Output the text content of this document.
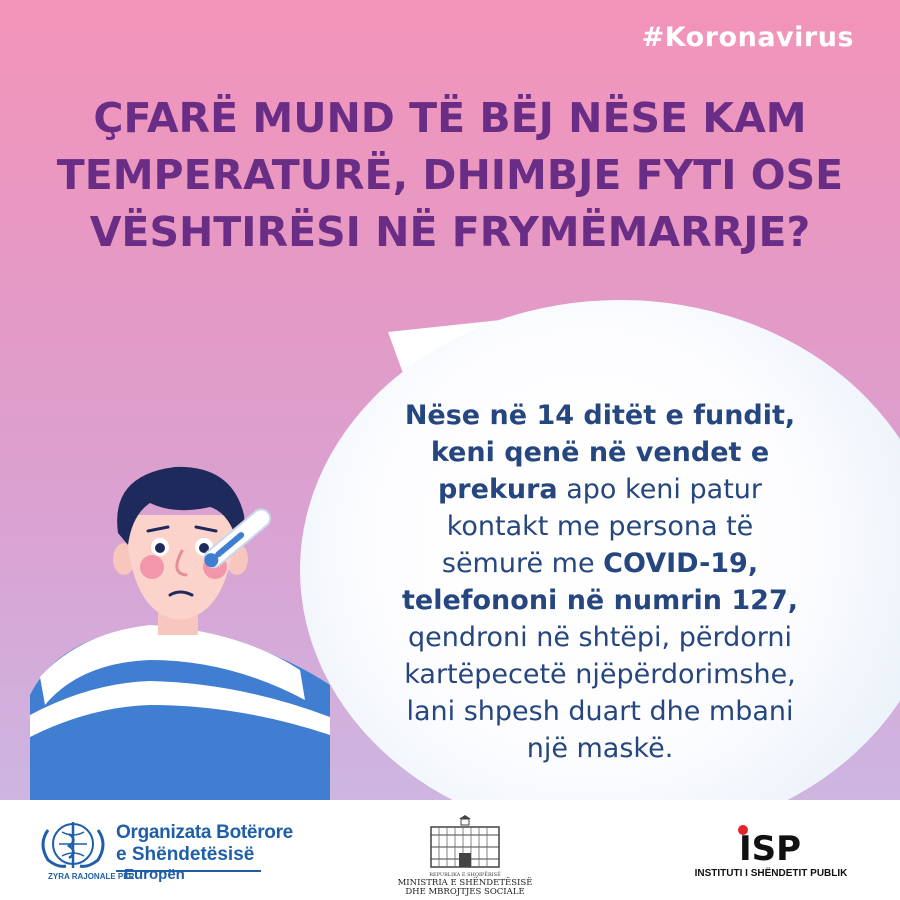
#Koronavirus
ÇFARË MUND TË BËJ NËSE KAM
TEMPERATURË, DHIMBJE FYTI OSE
VËSHTIRËSI NË FRYMËMARRJE?
Nëse në 14 ditët e fundit,
keni qenë në vendet e
prekura apo keni patur
kontakt me persona të
sëmurë me COVID-19,
telefononi në numrin 127,
qendroni në shtëpi, përdorni
kartëpecetë njëpërdorimshe,
lani shpesh duart dhe mbani
një maskë.
Organizata Botërore
e Shëndetësisë
ZYRA RAJONALE PËR
Europën	REPUBLIKA E SHQIPËRISË
MINISTRIA E SHËNDETËSISË
DHE MBROJTJES SOCIALE
ISP
INSTITUTI I SHËNDETIT PUBLIK
